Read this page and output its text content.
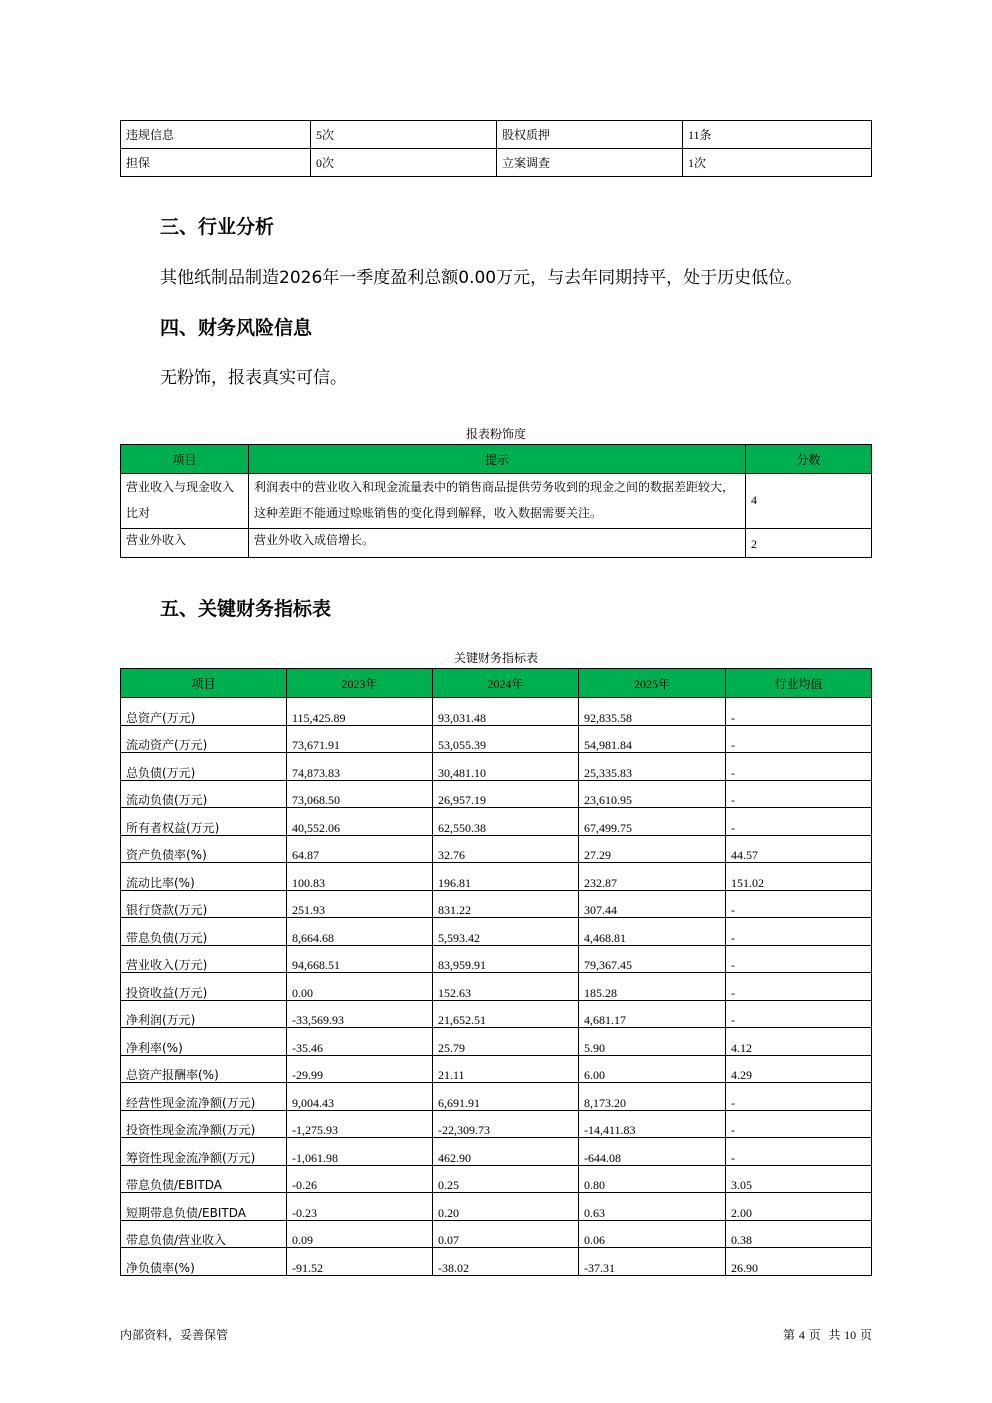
违规信息	5次	股权质押	11条
担保	0次	立案调查	1次
三、行业分析

其他纸制品制造2026年一季度盈利总额0.00万元，与去年同期持平，处于历史低位。

四、财务风险信息

无粉饰，报表真实可信。

报表粉饰度
项目	提示	分数
营业收入与现金收入比对	利润表中的营业收入和现金流量表中的销售商品提供劳务收到的现金之间的数据差距较大，这种差距不能通过赊账销售的变化得到解释，收入数据需要关注。	4
营业外收入	营业外收入成倍增长。	2
五、关键财务指标表
关键财务指标表
项目	2023年	2024年	2025年	行业均值
总资产(万元)	115,425.89	93,031.48	92,835.58	-
流动资产(万元)	73,671.91	53,055.39	54,981.84	-
总负债(万元)	74,873.83	30,481.10	25,335.83	-
流动负债(万元)	73,068.50	26,957.19	23,610.95	-
所有者权益(万元)	40,552.06	62,550.38	67,499.75	-
资产负债率(%)	64.87	32.76	27.29	44.57
流动比率(%)	100.83	196.81	232.87	151.02
银行贷款(万元)	251.93	831.22	307.44	-
带息负债(万元)	8,664.68	5,593.42	4,468.81	-
营业收入(万元)	94,668.51	83,959.91	79,367.45	-
投资收益(万元)	0.00	152.63	185.28	-
净利润(万元)	-33,569.93	21,652.51	4,681.17	-
净利率(%)	-35.46	25.79	5.90	4.12
总资产报酬率(%)	-29.99	21.11	6.00	4.29
经营性现金流净额(万元)	9,004.43	6,691.91	8,173.20	-
投资性现金流净额(万元)	-1,275.93	-22,309.73	-14,411.83	-
筹资性现金流净额(万元)	-1,061.98	462.90	-644.08	-
带息负债/EBITDA	-0.26	0.25	0.80	3.05
短期带息负债/EBITDA	-0.23	0.20	0.63	2.00
带息负债/营业收入	0.09	0.07	0.06	0.38
净负债率(%)	-91.52	-38.02	-37.31	26.90
内部资料，妥善保管	第 4 页  共 10 页
